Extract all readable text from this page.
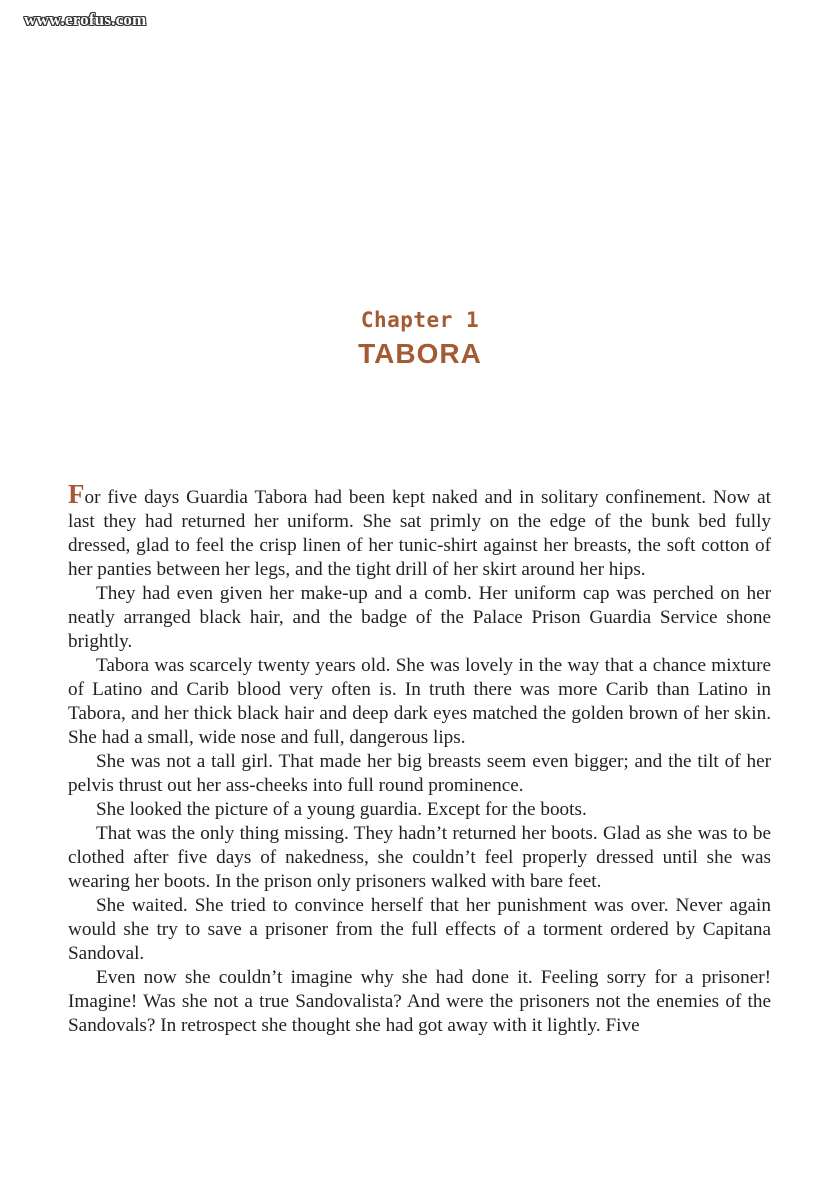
www.erofus.com
Chapter 1
TABORA

For five days Guardia Tabora had been kept naked and in solitary confinement. Now at last they had returned her uniform. She sat primly on the edge of the bunk bed fully dressed, glad to feel the crisp linen of her tunic-shirt against her breasts, the soft cotton of her panties between her legs, and the tight drill of her skirt around her hips.

They had even given her make-up and a comb. Her uniform cap was perched on her neatly arranged black hair, and the badge of the Palace Prison Guardia Service shone brightly.

Tabora was scarcely twenty years old. She was lovely in the way that a chance mixture of Latino and Carib blood very often is. In truth there was more Carib than Latino in Tabora, and her thick black hair and deep dark eyes matched the golden brown of her skin. She had a small, wide nose and full, dangerous lips.

She was not a tall girl. That made her big breasts seem even bigger; and the tilt of her pelvis thrust out her ass-cheeks into full round prominence.

She looked the picture of a young guardia. Except for the boots.

That was the only thing missing. They hadn’t returned her boots. Glad as she was to be clothed after five days of nakedness, she couldn’t feel properly dressed until she was wearing her boots. In the prison only prisoners walked with bare feet.

She waited. She tried to convince herself that her punishment was over. Never again would she try to save a prisoner from the full effects of a torment ordered by Capitana Sandoval.

Even now she couldn’t imagine why she had done it. Feeling sorry for a prisoner! Imagine! Was she not a true Sandovalista? And were the prisoners not the enemies of the Sandovals? In retrospect she thought she had got away with it lightly. Five
